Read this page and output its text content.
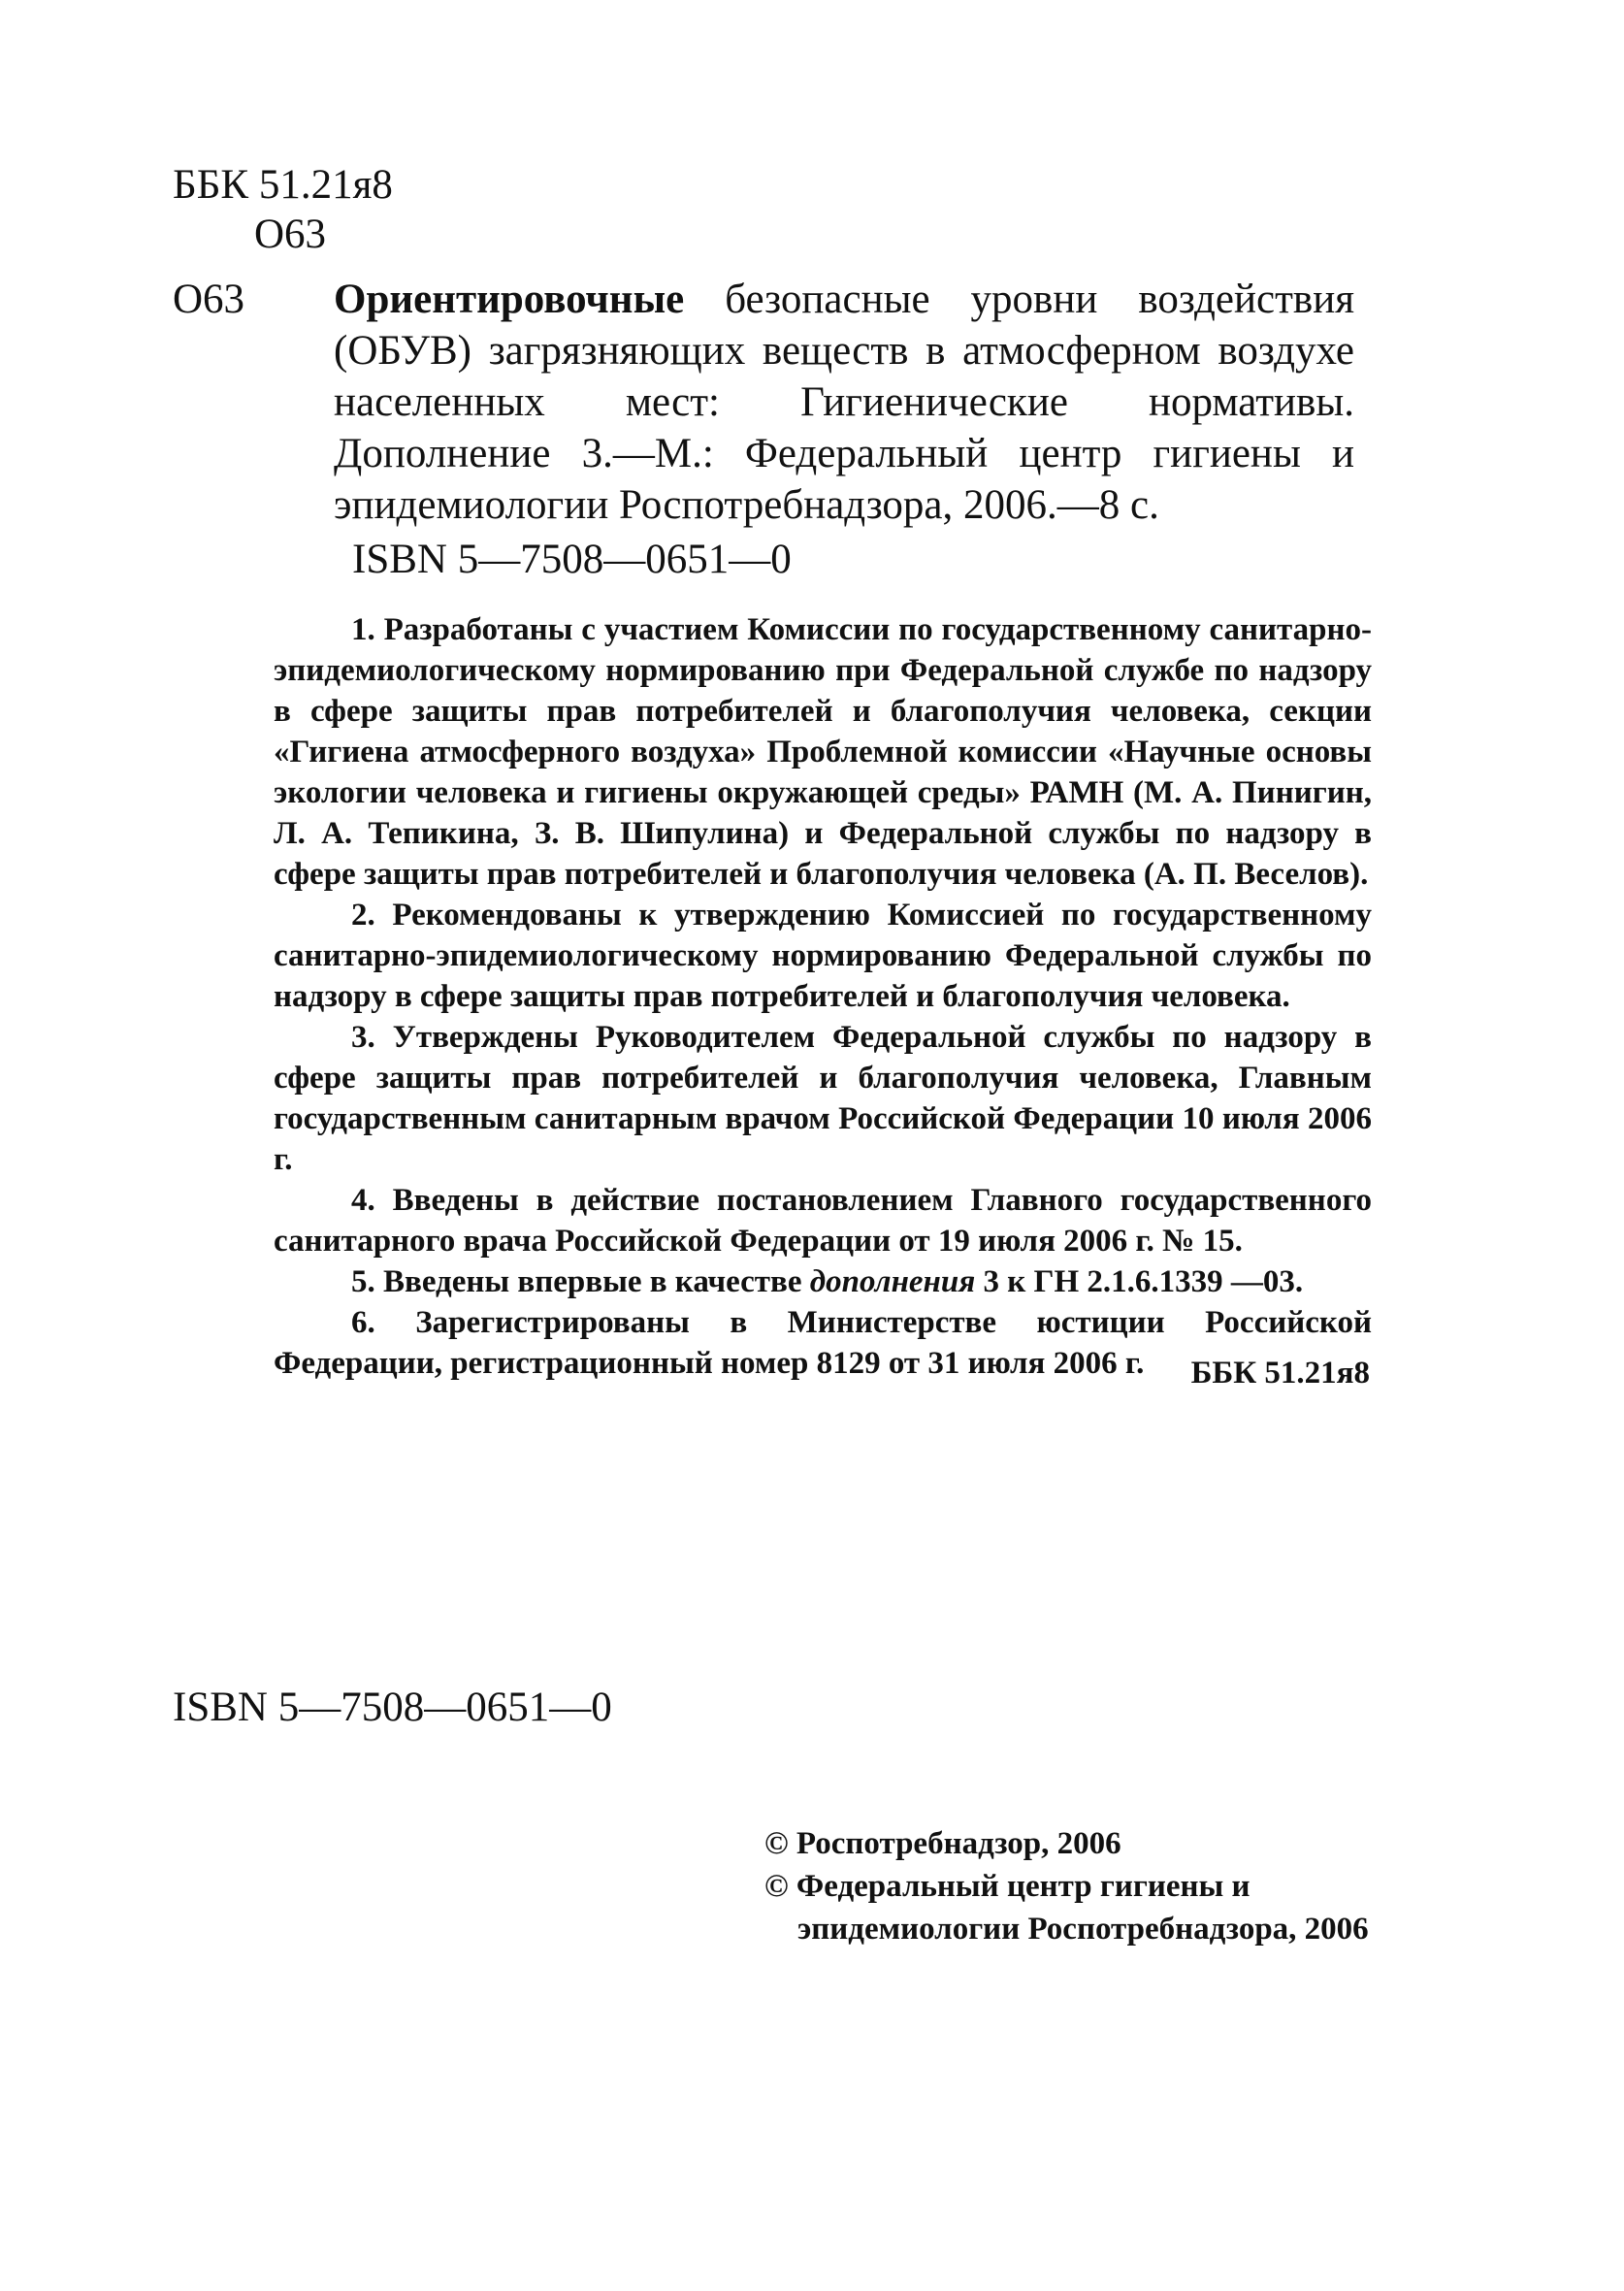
ББК 51.21я8
О63
О63 Ориентировочные безопасные уровни воздействия (ОБУВ) загрязняющих веществ в атмосферном воздухе населенных мест: Гигиенические нормативы. Дополнение 3.—М.: Федеральный центр гигиены и эпидемиологии Роспотребнадзора, 2006.—8 с.
ISBN 5—7508—0651—0

1. Разработаны с участием Комиссии по государственному санитарно-эпидемиологическому нормированию при Федеральной службе по надзору в сфере защиты прав потребителей и благополучия человека, секции «Гигиена атмосферного воздуха» Проблемной комиссии «Научные основы экологии человека и гигиены окружающей среды» РАМН (М. А. Пинигин, Л. А. Тепикина, З. В. Шипулина) и Федеральной службы по надзору в сфере защиты прав потребителей и благополучия человека (А. П. Веселов).

2. Рекомендованы к утверждению Комиссией по государственному санитарно-эпидемиологическому нормированию Федеральной службы по надзору в сфере защиты прав потребителей и благополучия человека.

3. Утверждены Руководителем Федеральной службы по надзору в сфере защиты прав потребителей и благополучия человека, Главным государственным санитарным врачом Российской Федерации 10 июля 2006 г.

4. Введены в действие постановлением Главного государственного санитарного врача Российской Федерации от 19 июля 2006 г. № 15.

5. Введены впервые в качестве дополнения 3 к ГН 2.1.6.1339 —03.

6. Зарегистрированы в Министерстве юстиции Российской Федерации, регистрационный номер 8129 от 31 июля 2006 г.	ББК 51.21я8
ISBN 5—7508—0651—0
© Роспотребнадзор, 2006
© Федеральный центр гигиены и
эпидемиологии Роспотребнадзора, 2006
